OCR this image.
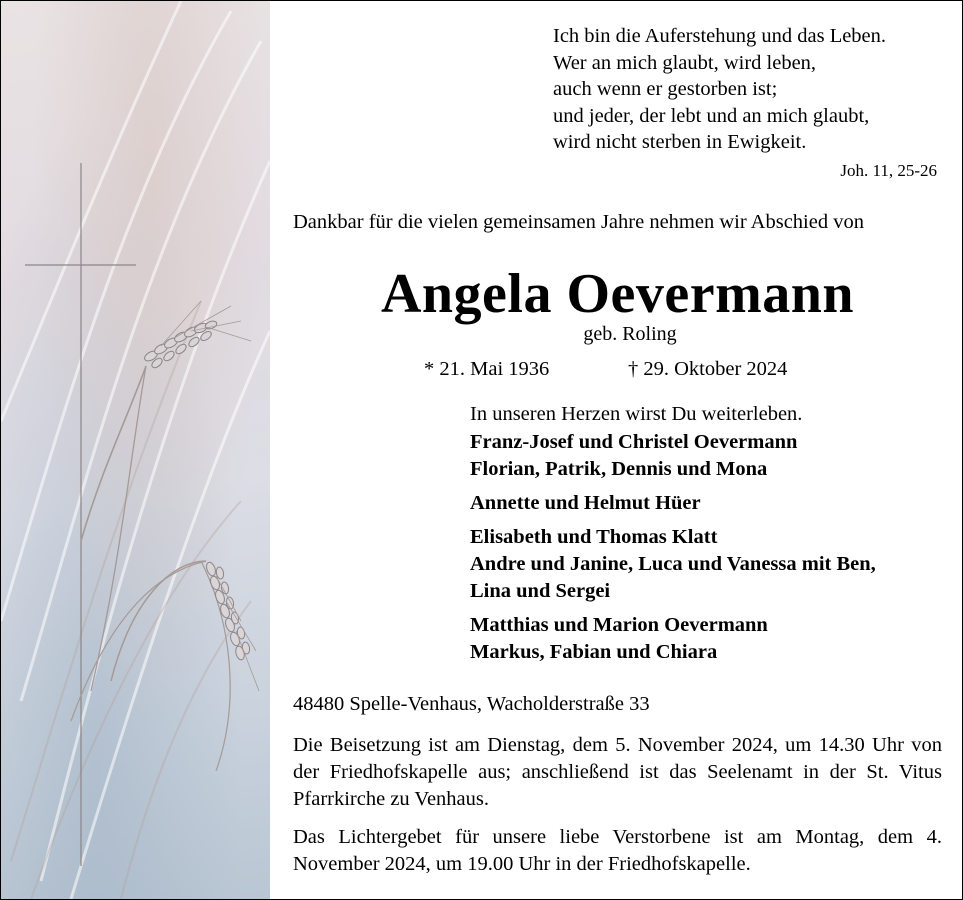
Ich bin die Auferstehung und das Leben.
Wer an mich glaubt, wird leben,
auch wenn er gestorben ist;
und jeder, der lebt und an mich glaubt,
wird nicht sterben in Ewigkeit.
Joh. 11, 25-26
Dankbar für die vielen gemeinsamen Jahre nehmen wir Abschied von
Angela Oevermann
geb. Roling
* 21. Mai 1936	† 29. Oktober 2024
In unseren Herzen wirst Du weiterleben.
Franz-Josef und Christel Oevermann
Florian, Patrik, Dennis und Mona
Annette und Helmut Hüer
Elisabeth und Thomas Klatt
Andre und Janine, Luca und Vanessa mit Ben,
Lina und Sergei
Matthias und Marion Oevermann
Markus, Fabian und Chiara
48480 Spelle-Venhaus, Wacholderstraße 33
Die Beisetzung ist am Dienstag, dem 5. November 2024, um 14.30 Uhr von der Friedhofskapelle aus; anschließend ist das Seelenamt in der St. Vitus Pfarrkirche zu Venhaus.
Das Lichtergebet für unsere liebe Verstorbene ist am Montag, dem 4. November 2024, um 19.00 Uhr in der Friedhofskapelle.
